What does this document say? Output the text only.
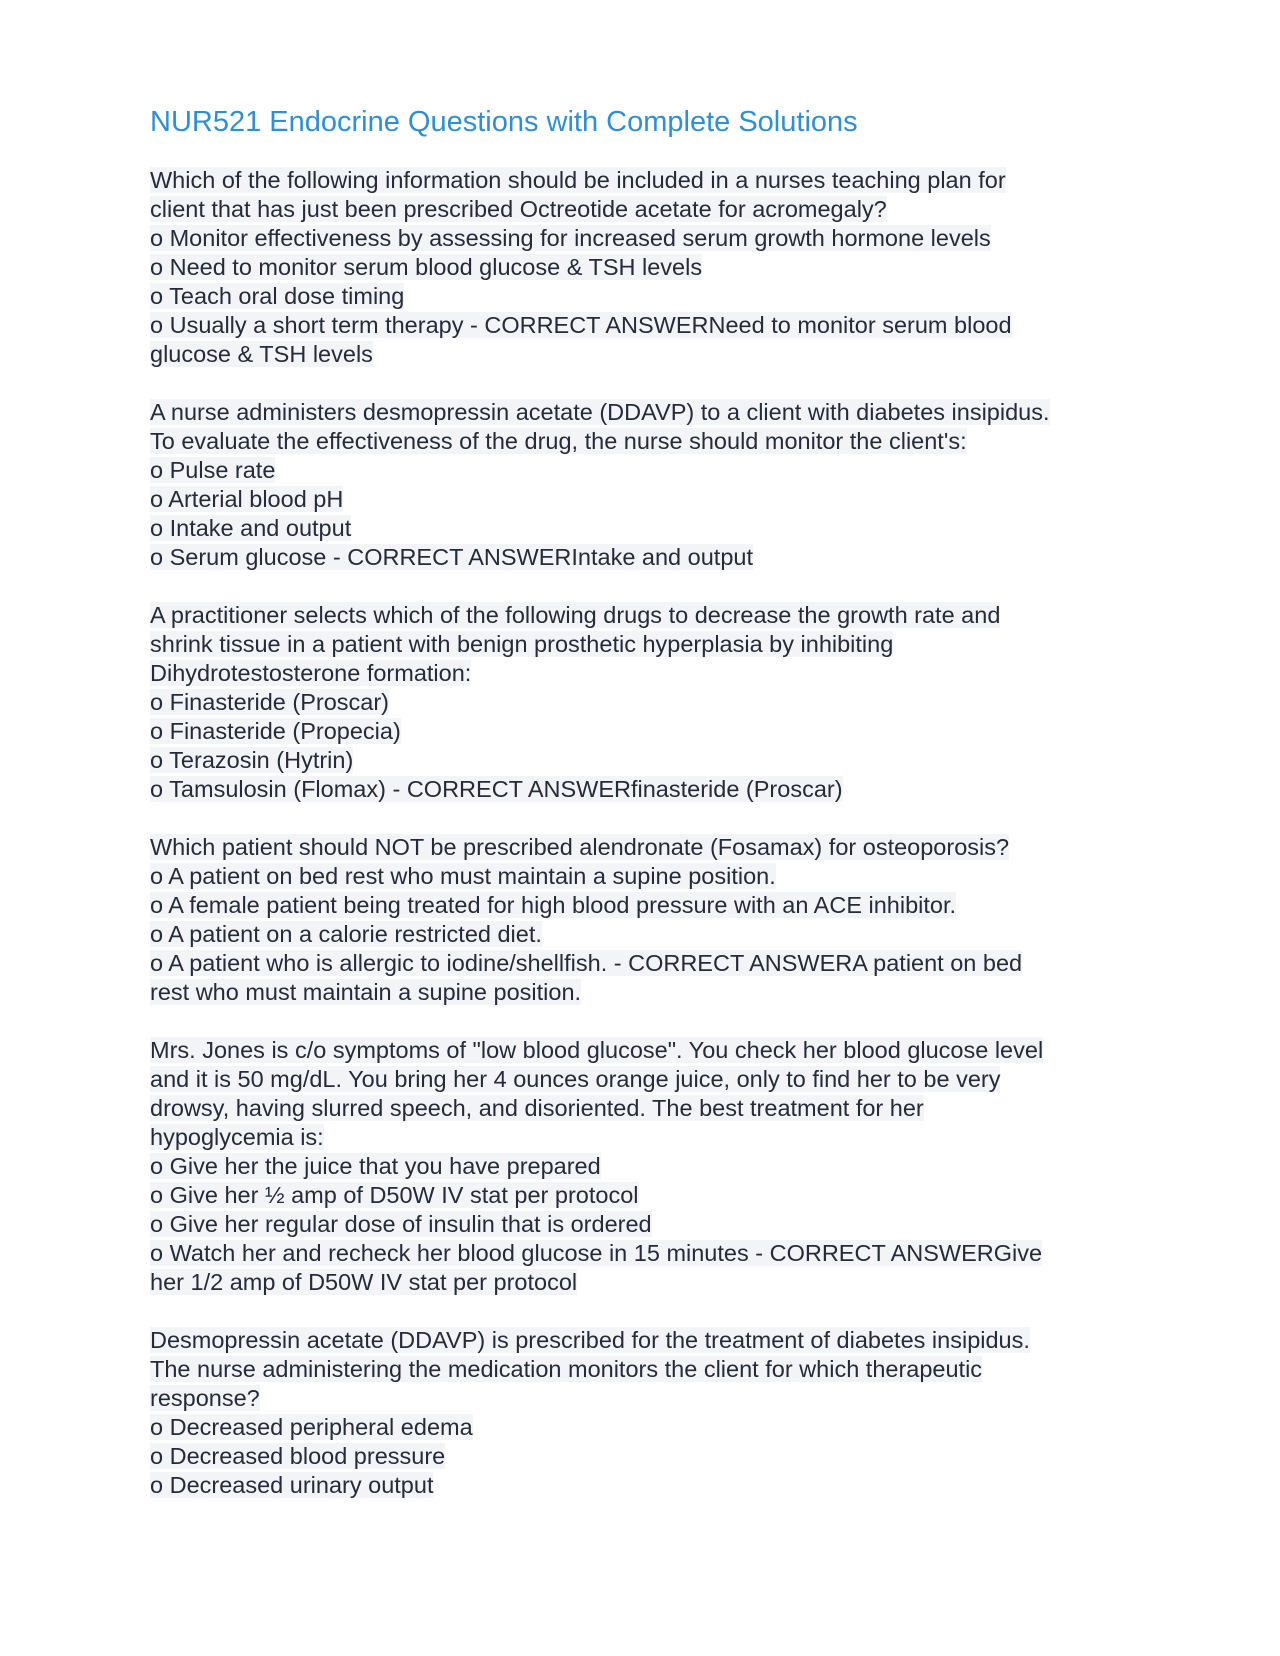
NUR521 Endocrine Questions with Complete Solutions
Which of the following information should be included in a nurses teaching plan for
client that has just been prescribed Octreotide acetate for acromegaly?
o Monitor effectiveness by assessing for increased serum growth hormone levels
o Need to monitor serum blood glucose & TSH levels
o Teach oral dose timing
o Usually a short term therapy - CORRECT ANSWERNeed to monitor serum blood
glucose & TSH levels
A nurse administers desmopressin acetate (DDAVP) to a client with diabetes insipidus.
To evaluate the effectiveness of the drug, the nurse should monitor the client's:
o Pulse rate
o Arterial blood pH
o Intake and output
o Serum glucose - CORRECT ANSWERIntake and output
A practitioner selects which of the following drugs to decrease the growth rate and
shrink tissue in a patient with benign prosthetic hyperplasia by inhibiting
Dihydrotestosterone formation:
o Finasteride (Proscar)
o Finasteride (Propecia)
o Terazosin (Hytrin)
o Tamsulosin (Flomax) - CORRECT ANSWERfinasteride (Proscar)
Which patient should NOT be prescribed alendronate (Fosamax) for osteoporosis?
o A patient on bed rest who must maintain a supine position.
o A female patient being treated for high blood pressure with an ACE inhibitor.
o A patient on a calorie restricted diet.
o A patient who is allergic to iodine/shellfish. - CORRECT ANSWERA patient on bed
rest who must maintain a supine position.
Mrs. Jones is c/o symptoms of "low blood glucose". You check her blood glucose level
and it is 50 mg/dL. You bring her 4 ounces orange juice, only to find her to be very
drowsy, having slurred speech, and disoriented. The best treatment for her
hypoglycemia is:
o Give her the juice that you have prepared
o Give her ½ amp of D50W IV stat per protocol
o Give her regular dose of insulin that is ordered
o Watch her and recheck her blood glucose in 15 minutes - CORRECT ANSWERGive
her 1/2 amp of D50W IV stat per protocol
Desmopressin acetate (DDAVP) is prescribed for the treatment of diabetes insipidus.
The nurse administering the medication monitors the client for which therapeutic
response?
o Decreased peripheral edema
o Decreased blood pressure
o Decreased urinary output
